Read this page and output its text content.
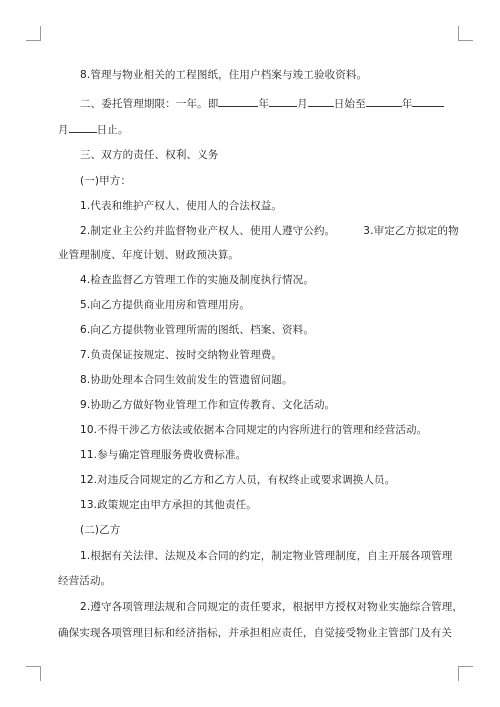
8.管理与物业相关的工程图纸，住用户档案与竣工验收资料。
二、委托管理期限：一年。即	年	月 日始至	年
月	日止。
三、双方的责任、权利、义务
(一)甲方：
1.代表和维护产权人、使用人的合法权益。
2.制定业主公约并监督物业产权人、使用人遵守公约。	3.审定乙方拟定的物
业管理制度、年度计划、财政预决算。
4.检查监督乙方管理工作的实施及制度执行情况。
5.向乙方提供商业用房和管理用房。
6.向乙方提供物业管理所需的图纸、档案、资料。
7.负责保证按规定、按时交纳物业管理费。
8.协助处理本合同生效前发生的管遗留问题。
9.协助乙方做好物业管理工作和宣传教育、文化活动。
10.不得干涉乙方依法或依据本合同规定的内容所进行的管理和经营活动。
11.参与确定管理服务费收费标准。
12.对违反合同规定的乙方和乙方人员，有权终止或要求调换人员。
13.政策规定由甲方承担的其他责任。
(二)乙方
1.根据有关法律、法规及本合同的约定，制定物业管理制度，自主开展各项管理
经营活动。
2.遵守各项管理法规和合同规定的责任要求，根据甲方授权对物业实施综合管理，
确保实现各项管理目标和经济指标，并承担相应责任，自觉接受物业主管部门及有关
